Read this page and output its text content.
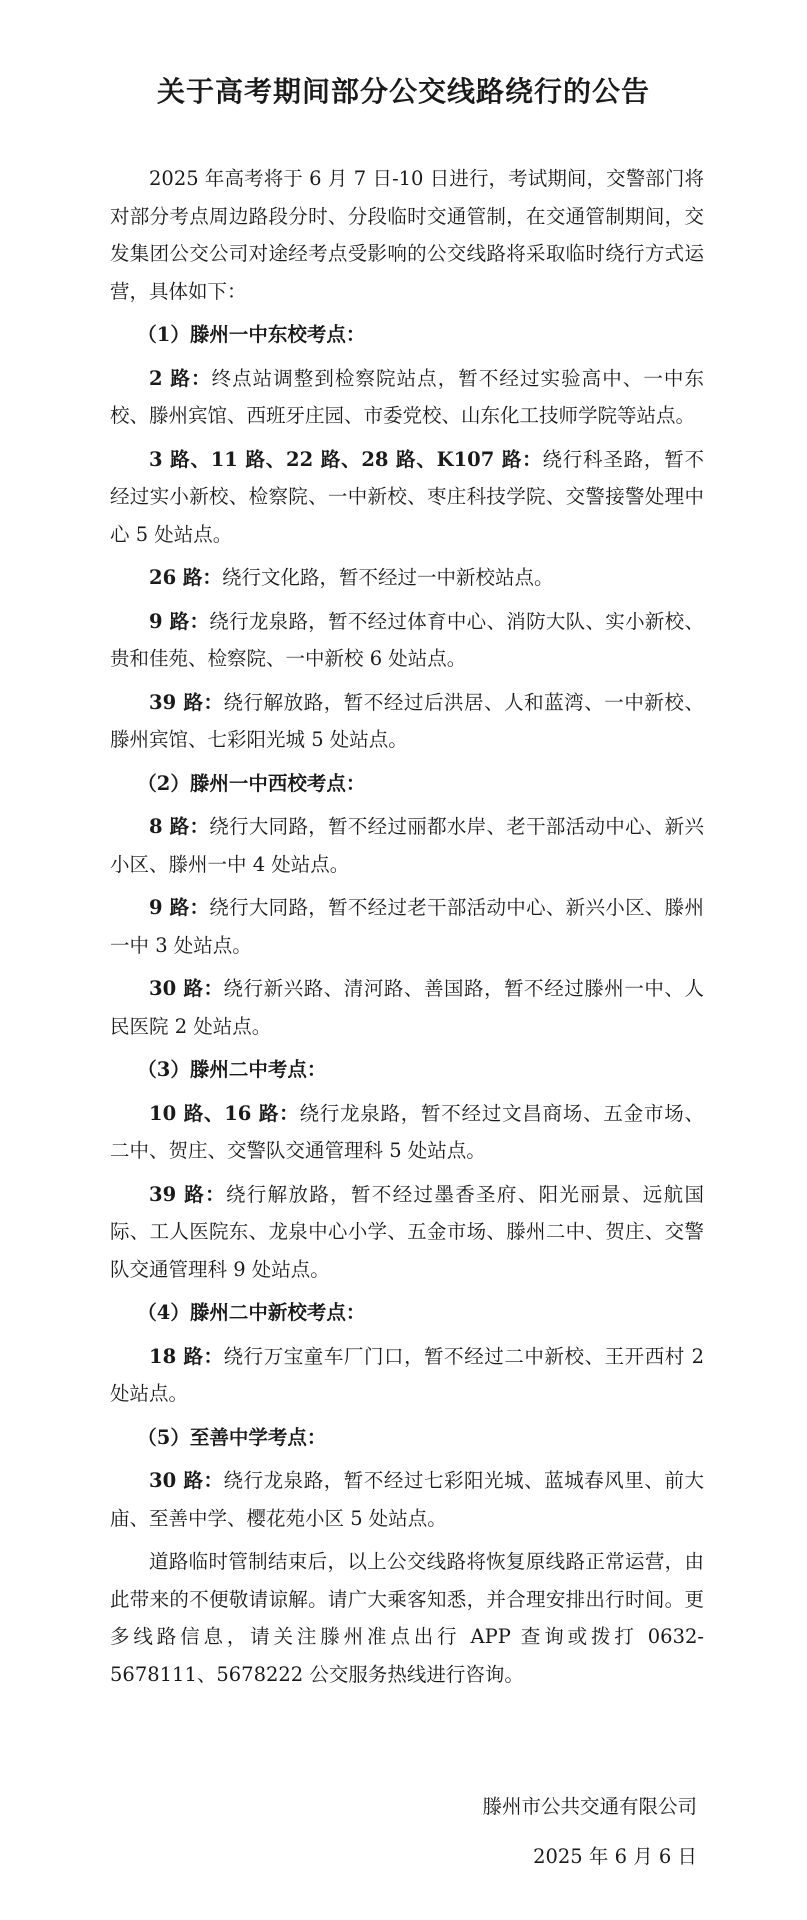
关于高考期间部分公交线路绕行的公告

2025 年高考将于 6 月 7 日-10 日进行，考试期间，交警部门将对部分考点周边路段分时、分段临时交通管制，在交通管制期间，交发集团公交公司对途经考点受影响的公交线路将采取临时绕行方式运营，具体如下：

（1）滕州一中东校考点：

2 路：终点站调整到检察院站点，暂不经过实验高中、一中东校、滕州宾馆、西班牙庄园、市委党校、山东化工技师学院等站点。

3 路、11 路、22 路、28 路、K107 路：绕行科圣路，暂不经过实小新校、检察院、一中新校、枣庄科技学院、交警接警处理中心 5 处站点。

26 路：绕行文化路，暂不经过一中新校站点。

9 路：绕行龙泉路，暂不经过体育中心、消防大队、实小新校、贵和佳苑、检察院、一中新校 6 处站点。

39 路：绕行解放路，暂不经过后洪居、人和蓝湾、一中新校、滕州宾馆、七彩阳光城 5 处站点。

（2）滕州一中西校考点：

8 路：绕行大同路，暂不经过丽都水岸、老干部活动中心、新兴小区、滕州一中 4 处站点。

9 路：绕行大同路，暂不经过老干部活动中心、新兴小区、滕州一中 3 处站点。

30 路：绕行新兴路、清河路、善国路，暂不经过滕州一中、人民医院 2 处站点。

（3）滕州二中考点：

10 路、16 路：绕行龙泉路，暂不经过文昌商场、五金市场、二中、贺庄、交警队交通管理科 5 处站点。

39 路：绕行解放路，暂不经过墨香圣府、阳光丽景、远航国际、工人医院东、龙泉中心小学、五金市场、滕州二中、贺庄、交警队交通管理科 9 处站点。

（4）滕州二中新校考点：

18 路：绕行万宝童车厂门口，暂不经过二中新校、王开西村 2 处站点。

（5）至善中学考点：

30 路：绕行龙泉路，暂不经过七彩阳光城、蓝城春风里、前大庙、至善中学、樱花苑小区 5 处站点。

道路临时管制结束后，以上公交线路将恢复原线路正常运营，由此带来的不便敬请谅解。请广大乘客知悉，并合理安排出行时间。更多线路信息，请关注滕州准点出行 APP 查询或拨打 0632-5678111、5678222 公交服务热线进行咨询。

滕州市公共交通有限公司
2025 年 6 月 6 日
